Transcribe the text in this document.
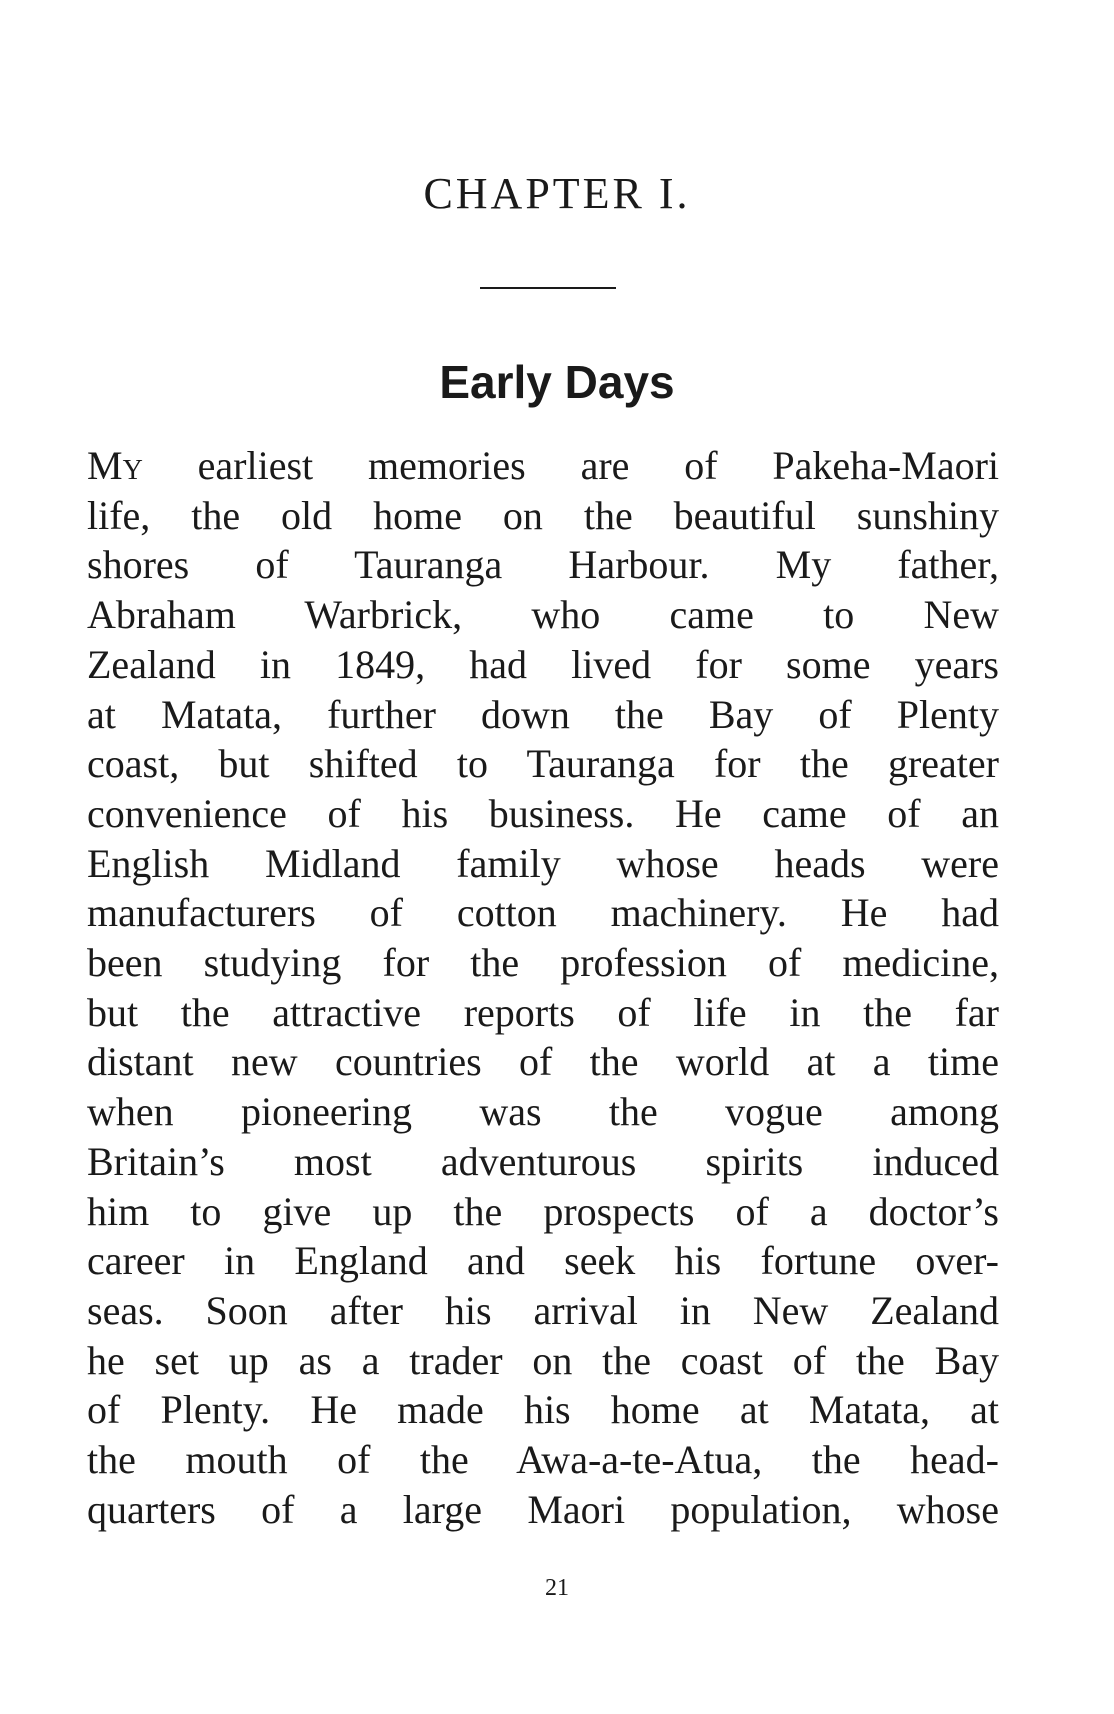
CHAPTER I.
Early Days

My earliest memories are of Pakeha-Maori
life, the old home on the beautiful sunshiny
shores of Tauranga Harbour. My father,
Abraham Warbrick, who came to New
Zealand in 1849, had lived for some years
at Matata, further down the Bay of Plenty
coast, but shifted to Tauranga for the greater
convenience of his business. He came of an
English Midland family whose heads were
manufacturers of cotton machinery. He had
been studying for the profession of medicine,
but the attractive reports of life in the far
distant new countries of the world at a time
when pioneering was the vogue among
Britain’s most adventurous spirits induced
him to give up the prospects of a doctor’s
career in England and seek his fortune over-
seas. Soon after his arrival in New Zealand
he set up as a trader on the coast of the Bay
of Plenty. He made his home at Matata, at
the mouth of the Awa-a-te-Atua, the head-
quarters of a large Maori population, whose

21
